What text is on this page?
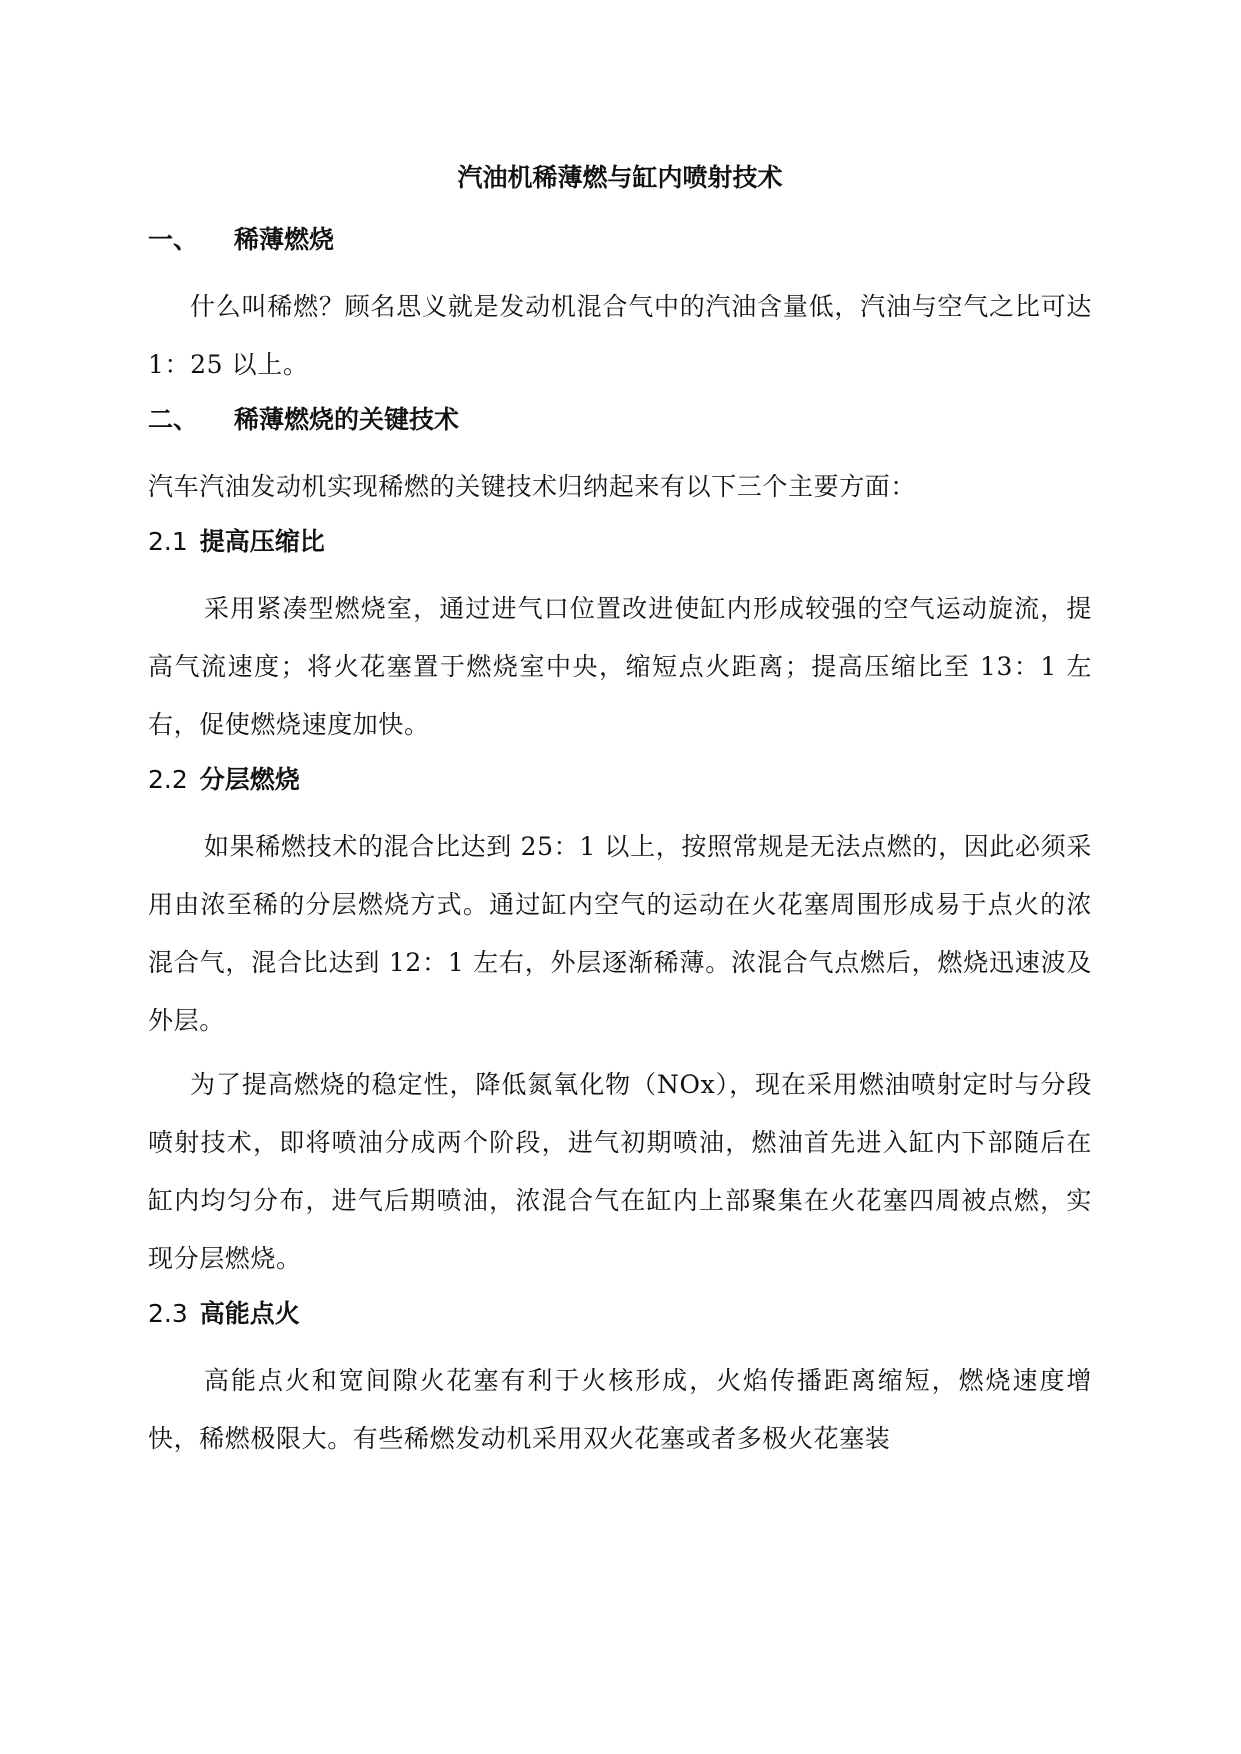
汽油机稀薄燃与缸内喷射技术
一、 稀薄燃烧

什么叫稀燃？顾名思义就是发动机混合气中的汽油含量低，汽油与空气之比可达 1：25 以上。

二、 稀薄燃烧的关键技术

汽车汽油发动机实现稀燃的关键技术归纳起来有以下三个主要方面：

2.1 提高压缩比

采用紧凑型燃烧室，通过进气口位置改进使缸内形成较强的空气运动旋流，提高气流速度；将火花塞置于燃烧室中央，缩短点火距离；提高压缩比至 13：1 左右，促使燃烧速度加快。

2.2 分层燃烧

如果稀燃技术的混合比达到 25：1 以上，按照常规是无法点燃的，因此必须采用由浓至稀的分层燃烧方式。通过缸内空气的运动在火花塞周围形成易于点火的浓混合气，混合比达到 12：1 左右，外层逐渐稀薄。浓混合气点燃后，燃烧迅速波及外层。

为了提高燃烧的稳定性，降低氮氧化物（NOx），现在采用燃油喷射定时与分段喷射技术，即将喷油分成两个阶段，进气初期喷油，燃油首先进入缸内下部随后在缸内均匀分布，进气后期喷油，浓混合气在缸内上部聚集在火花塞四周被点燃，实现分层燃烧。

2.3 高能点火

高能点火和宽间隙火花塞有利于火核形成，火焰传播距离缩短，燃烧速度增快，稀燃极限大。有些稀燃发动机采用双火花塞或者多极火花塞装
